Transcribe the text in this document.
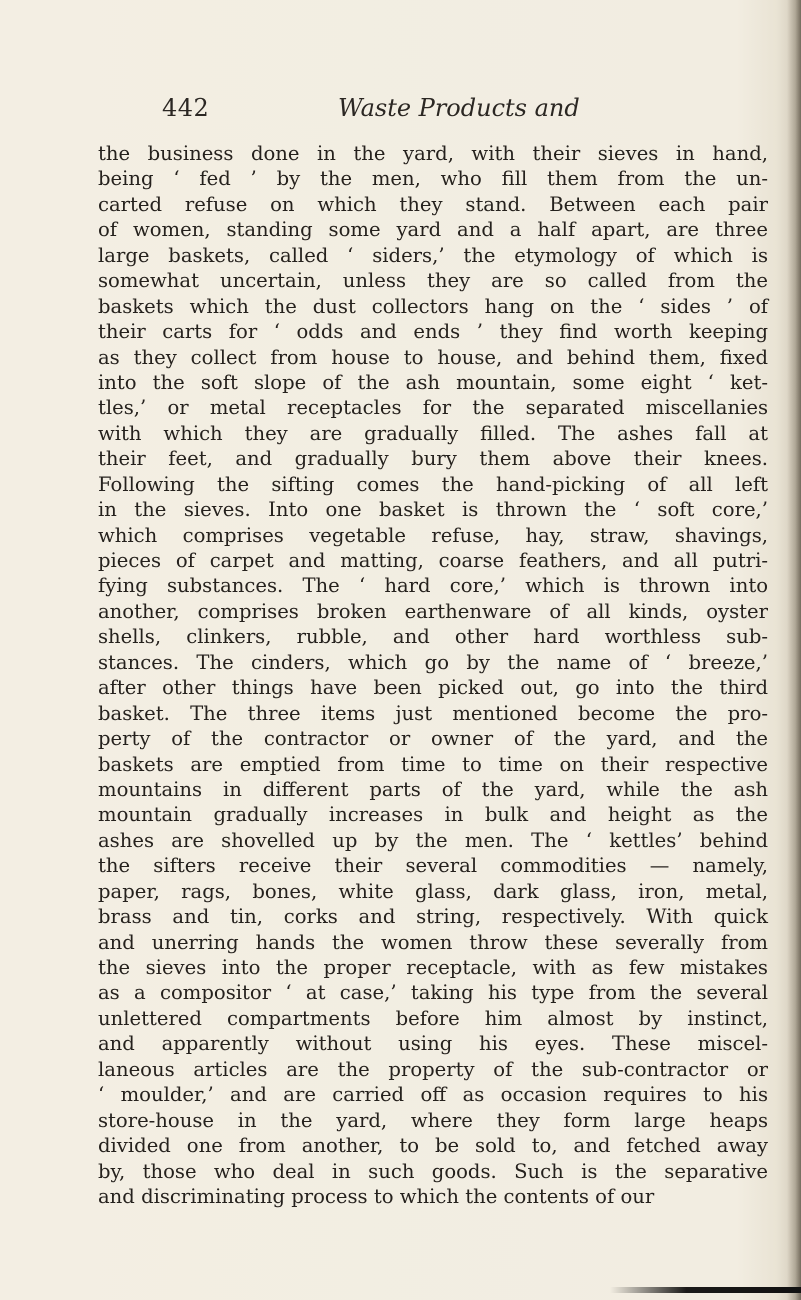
442	Waste Products and
the business done in the yard, with their sieves in hand,
being ‘ fed ’ by the men, who fill them from the un-
carted refuse on which they stand. Between each pair
of women, standing some yard and a half apart, are three
large baskets, called ‘ siders,’ the etymology of which is
somewhat uncertain, unless they are so called from the
baskets which the dust collectors hang on the ‘ sides ’ of
their carts for ‘ odds and ends ’ they find worth keeping
as they collect from house to house, and behind them, fixed
into the soft slope of the ash mountain, some eight ‘ ket-
tles,’ or metal receptacles for the separated miscellanies
with which they are gradually filled. The ashes fall at
their feet, and gradually bury them above their knees.
Following the sifting comes the hand-picking of all left
in the sieves. Into one basket is thrown the ‘ soft core,’
which comprises vegetable refuse, hay, straw, shavings,
pieces of carpet and matting, coarse feathers, and all putri-
fying substances. The ‘ hard core,’ which is thrown into
another, comprises broken earthenware of all kinds, oyster
shells, clinkers, rubble, and other hard worthless sub-
stances. The cinders, which go by the name of ‘ breeze,’
after other things have been picked out, go into the third
basket. The three items just mentioned become the pro-
perty of the contractor or owner of the yard, and the
baskets are emptied from time to time on their respective
mountains in different parts of the yard, while the ash
mountain gradually increases in bulk and height as the
ashes are shovelled up by the men. The ‘ kettles’ behind
the sifters receive their several commodities — namely,
paper, rags, bones, white glass, dark glass, iron, metal,
brass and tin, corks and string, respectively. With quick
and unerring hands the women throw these severally from
the sieves into the proper receptacle, with as few mistakes
as a compositor ‘ at case,’ taking his type from the several
unlettered compartments before him almost by instinct,
and apparently without using his eyes. These miscel-
laneous articles are the property of the sub-contractor or
‘ moulder,’ and are carried off as occasion requires to his
store-house in the yard, where they form large heaps
divided one from another, to be sold to, and fetched away
by, those who deal in such goods. Such is the separative
and discriminating process to which the contents of our
